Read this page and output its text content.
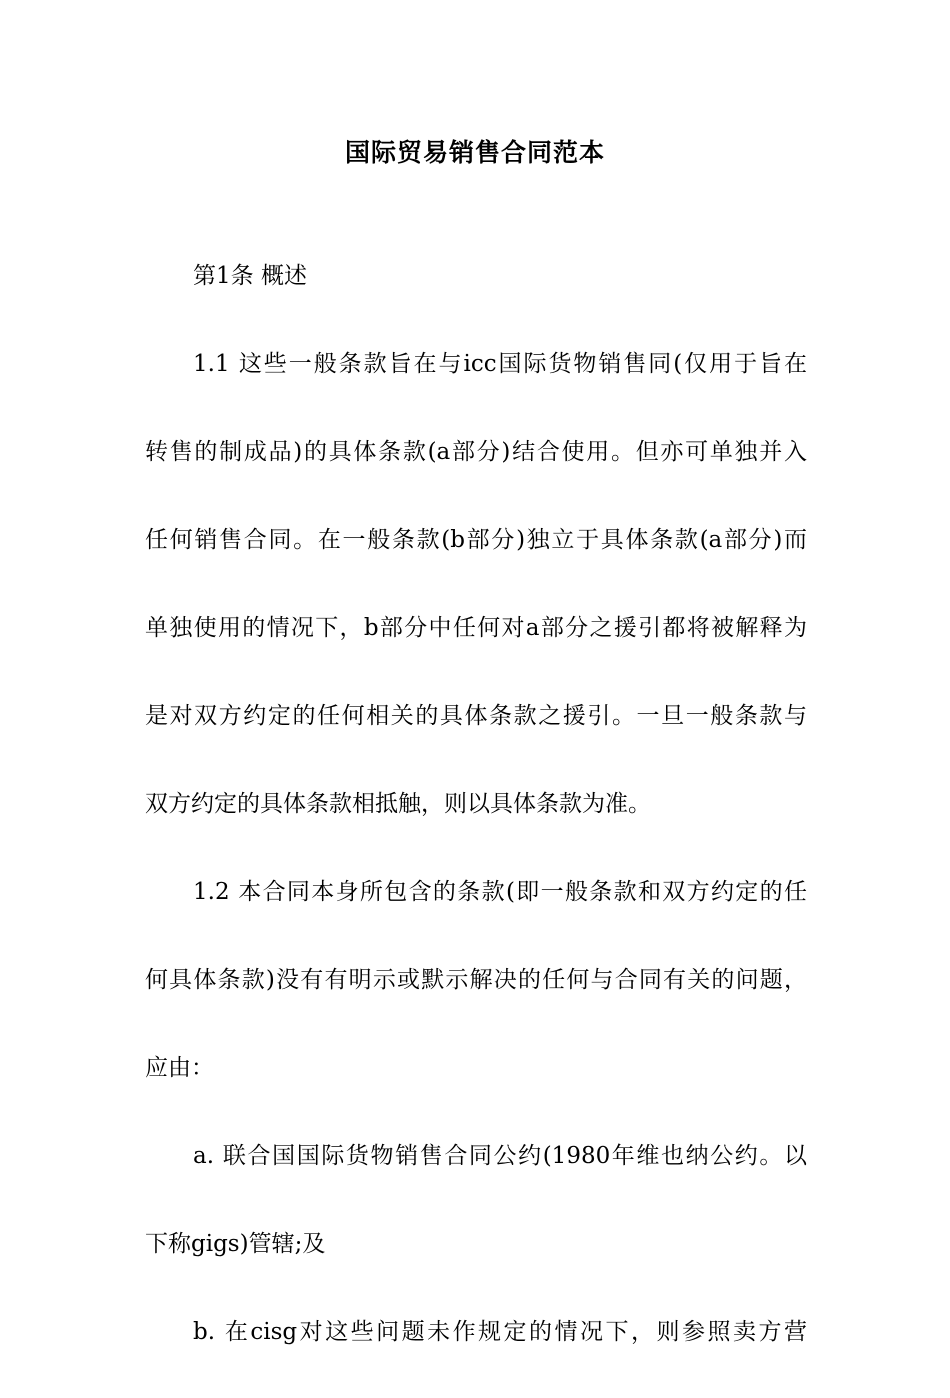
国际贸易销售合同范本
第1条 概述
1.1 这些一般条款旨在与icc国际货物销售同(仅用于旨在
转售的制成品)的具体条款(a部分)结合使用。但亦可单独并入
任何销售合同。在一般条款(b部分)独立于具体条款(a部分)而
单独使用的情况下，b部分中任何对a部分之援引都将被解释为
是对双方约定的任何相关的具体条款之援引。一旦一般条款与
双方约定的具体条款相抵触，则以具体条款为准。
1.2 本合同本身所包含的条款(即一般条款和双方约定的任
何具体条款)没有有明示或默示解决的任何与合同有关的问题，
应由：
a. 联合国国际货物销售合同公约(1980年维也纳公约。以
下称gigs)管辖;及
b. 在cisg对这些问题未作规定的情况下，则参照卖方营
